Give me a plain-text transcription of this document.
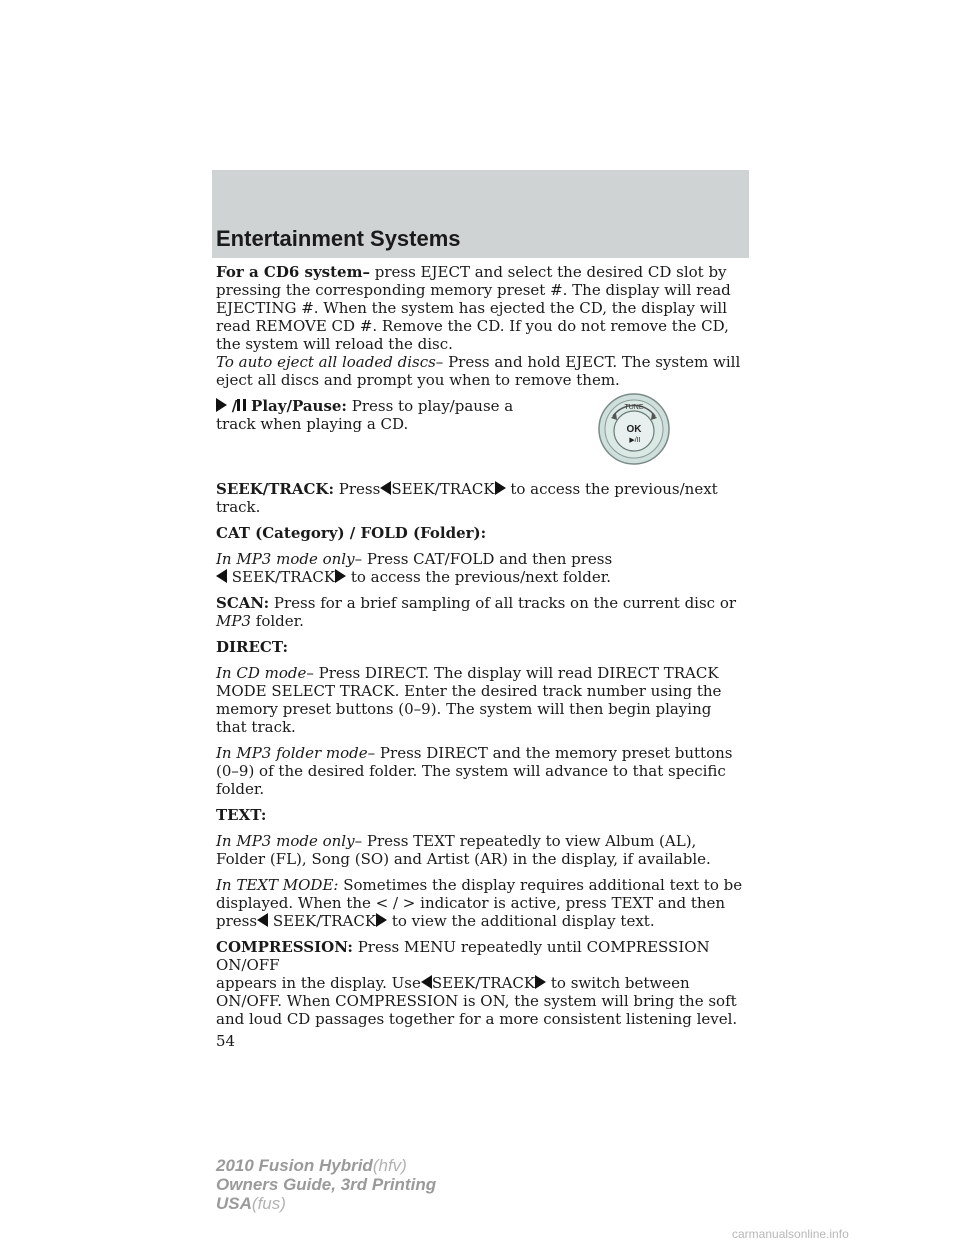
Entertainment Systems
TUNE
OK
▶/II

For a CD6 system– press EJECT and select the desired CD slot by pressing the corresponding memory preset #. The display will read EJECTING #. When the system has ejected the CD, the display will read REMOVE CD #. Remove the CD. If you do not remove the CD, the system will reload the disc.
To auto eject all loaded discs– Press and hold EJECT. The system will eject all discs and prompt you when to remove them.

/ Play/Pause: Press to play/pause a track when playing a CD.

SEEK/TRACK: Press SEEK/TRACK to access the previous/next track.

CAT (Category) / FOLD (Folder):

In MP3 mode only– Press CAT/FOLD and then press
SEEK/TRACK to access the previous/next folder.

SCAN: Press for a brief sampling of all tracks on the current disc or MP3 folder.

DIRECT:

In CD mode– Press DIRECT. The display will read DIRECT TRACK MODE SELECT TRACK. Enter the desired track number using the memory preset buttons (0–9). The system will then begin playing that track.

In MP3 folder mode– Press DIRECT and the memory preset buttons (0–9) of the desired folder. The system will advance to that specific folder.

TEXT:

In MP3 mode only– Press TEXT repeatedly to view Album (AL), Folder (FL), Song (SO) and Artist (AR) in the display, if available.

In TEXT MODE: Sometimes the display requires additional text to be displayed. When the < / > indicator is active, press TEXT and then
press SEEK/TRACK to view the additional display text.

COMPRESSION: Press MENU repeatedly until COMPRESSION ON/OFF
appears in the display. Use SEEK/TRACK to switch between
ON/OFF. When COMPRESSION is ON, the system will bring the soft and loud CD passages together for a more consistent listening level.

54

2010 Fusion Hybrid(hfv)
Owners Guide, 3rd Printing
USA(fus)
carmanualsonline.info
